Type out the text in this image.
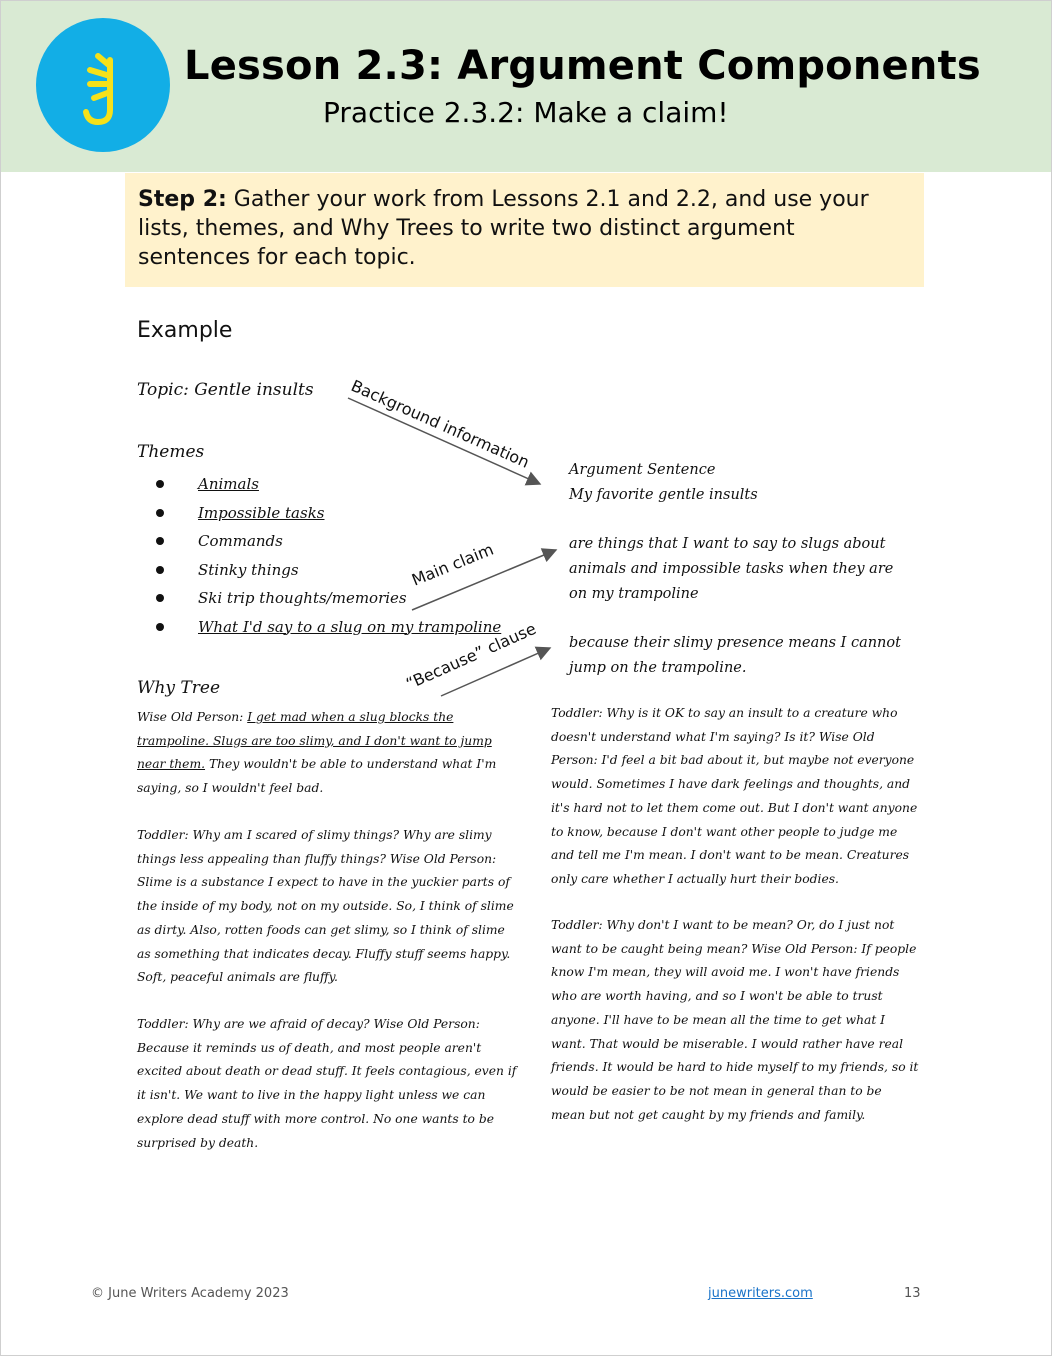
Lesson 2.3: Argument Components
Practice 2.3.2: Make a claim!
Step 2: Gather your work from Lessons 2.1 and 2.2, and use your lists, themes, and Why Trees to write two distinct argument sentences for each topic.
Example
Topic: Gentle insults
Themes
Animals
Impossible tasks
Commands
Stinky things
Ski trip thoughts/memories
What I'd say to a slug on my trampoline
Background information
Main claim
“Because” clause
Argument Sentence
My favorite gentle insults
are things that I want to say to slugs about animals and impossible tasks when they are on my trampoline
because their slimy presence means I cannot jump on the trampoline.
Why Tree
Wise Old Person: I get mad when a slug blocks the trampoline. Slugs are too slimy, and I don't want to jump near them. They wouldn't be able to understand what I'm saying, so I wouldn't feel bad.
Toddler: Why am I scared of slimy things? Why are slimy things less appealing than fluffy things? Wise Old Person: Slime is a substance I expect to have in the yuckier parts of the inside of my body, not on my outside. So, I think of slime as dirty. Also, rotten foods can get slimy, so I think of slime as something that indicates decay. Fluffy stuff seems happy. Soft, peaceful animals are fluffy.
Toddler: Why are we afraid of decay? Wise Old Person: Because it reminds us of death, and most people aren't excited about death or dead stuff. It feels contagious, even if it isn't. We want to live in the happy light unless we can explore dead stuff with more control. No one wants to be surprised by death.
Toddler: Why is it OK to say an insult to a creature who doesn't understand what I'm saying? Is it? Wise Old Person: I'd feel a bit bad about it, but maybe not everyone would. Sometimes I have dark feelings and thoughts, and it's hard not to let them come out. But I don't want anyone to know, because I don't want other people to judge me and tell me I'm mean. I don't want to be mean. Creatures only care whether I actually hurt their bodies.
Toddler: Why don't I want to be mean? Or, do I just not want to be caught being mean? Wise Old Person: If people know I'm mean, they will avoid me. I won't have friends who are worth having, and so I won't be able to trust anyone. I'll have to be mean all the time to get what I want. That would be miserable. I would rather have real friends. It would be hard to hide myself to my friends, so it would be easier to be not mean in general than to be mean but not get caught by my friends and family.
© June Writers Academy 2023	junewriters.com	13
